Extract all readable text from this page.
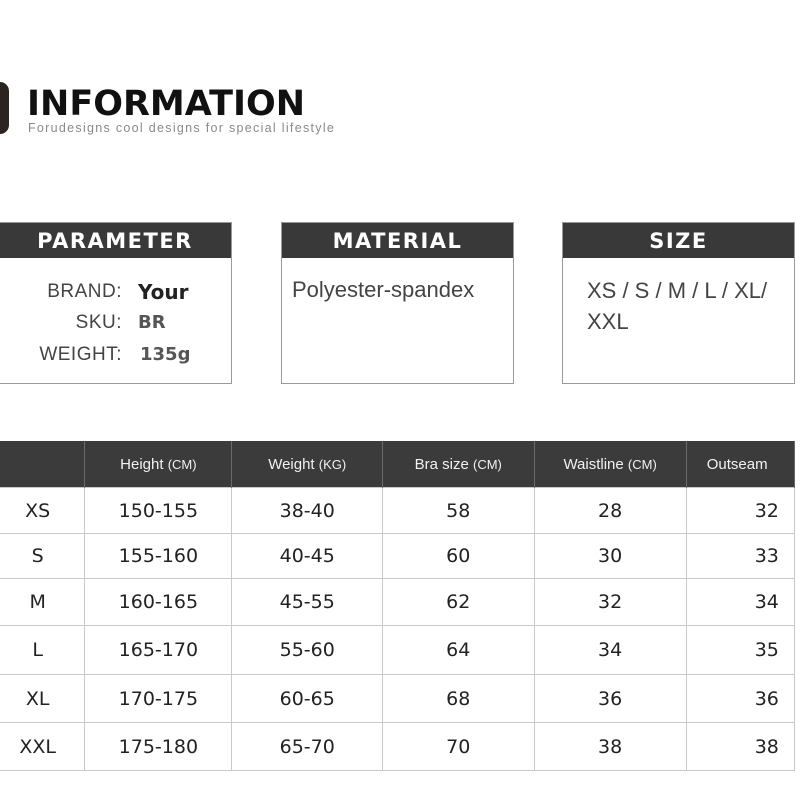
INFORMATION
Forudesigns cool designs for special lifestyle
PARAMETER
BRAND: Your
SKU: BR
WEIGHT: 135g
MATERIAL
Polyester-spandex
SIZE
XS / S / M / L / XL/ XXL
	Height (CM)	Weight (KG)	Bra size (CM)	Waistline (CM)	Outseam
XS	150-155	38-40	58	28	32
S	155-160	40-45	60	30	33
M	160-165	45-55	62	32	34
L	165-170	55-60	64	34	35
XL	170-175	60-65	68	36	36
XXL	175-180	65-70	70	38	38
